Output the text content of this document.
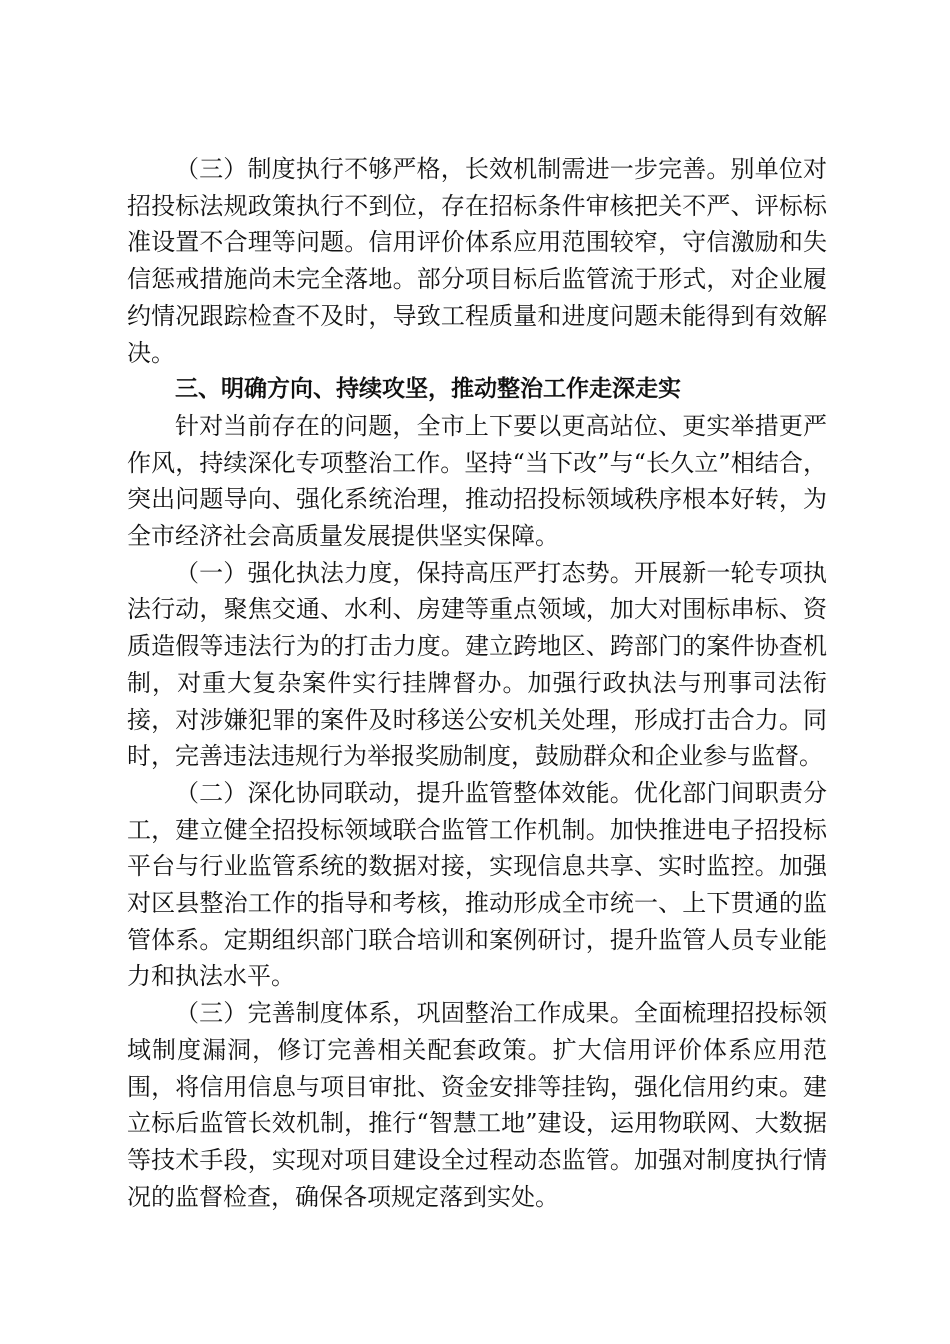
（三）制度执行不够严格，长效机制需进一步完善。别单位对招投标法规政策执行不到位，存在招标条件审核把关不严、评标标准设置不合理等问题。信用评价体系应用范围较窄，守信激励和失信惩戒措施尚未完全落地。部分项目标后监管流于形式，对企业履约情况跟踪检查不及时，导致工程质量和进度问题未能得到有效解决。

三、明确方向、持续攻坚，推动整治工作走深走实

针对当前存在的问题，全市上下要以更高站位、更实举措更严作风，持续深化专项整治工作。坚持“当下改”与“长久立”相结合，突出问题导向、强化系统治理，推动招投标领域秩序根本好转，为全市经济社会高质量发展提供坚实保障。

（一）强化执法力度，保持高压严打态势。开展新一轮专项执法行动，聚焦交通、水利、房建等重点领域，加大对围标串标、资质造假等违法行为的打击力度。建立跨地区、跨部门的案件协查机制，对重大复杂案件实行挂牌督办。加强行政执法与刑事司法衔接，对涉嫌犯罪的案件及时移送公安机关处理，形成打击合力。同时，完善违法违规行为举报奖励制度，鼓励群众和企业参与监督。

（二）深化协同联动，提升监管整体效能。优化部门间职责分工，建立健全招投标领域联合监管工作机制。加快推进电子招投标平台与行业监管系统的数据对接，实现信息共享、实时监控。加强对区县整治工作的指导和考核，推动形成全市统一、上下贯通的监管体系。定期组织部门联合培训和案例研讨，提升监管人员专业能力和执法水平。

（三）完善制度体系，巩固整治工作成果。全面梳理招投标领域制度漏洞，修订完善相关配套政策。扩大信用评价体系应用范围，将信用信息与项目审批、资金安排等挂钩，强化信用约束。建立标后监管长效机制，推行“智慧工地”建设，运用物联网、大数据等技术手段，实现对项目建设全过程动态监管。加强对制度执行情况的监督检查，确保各项规定落到实处。
